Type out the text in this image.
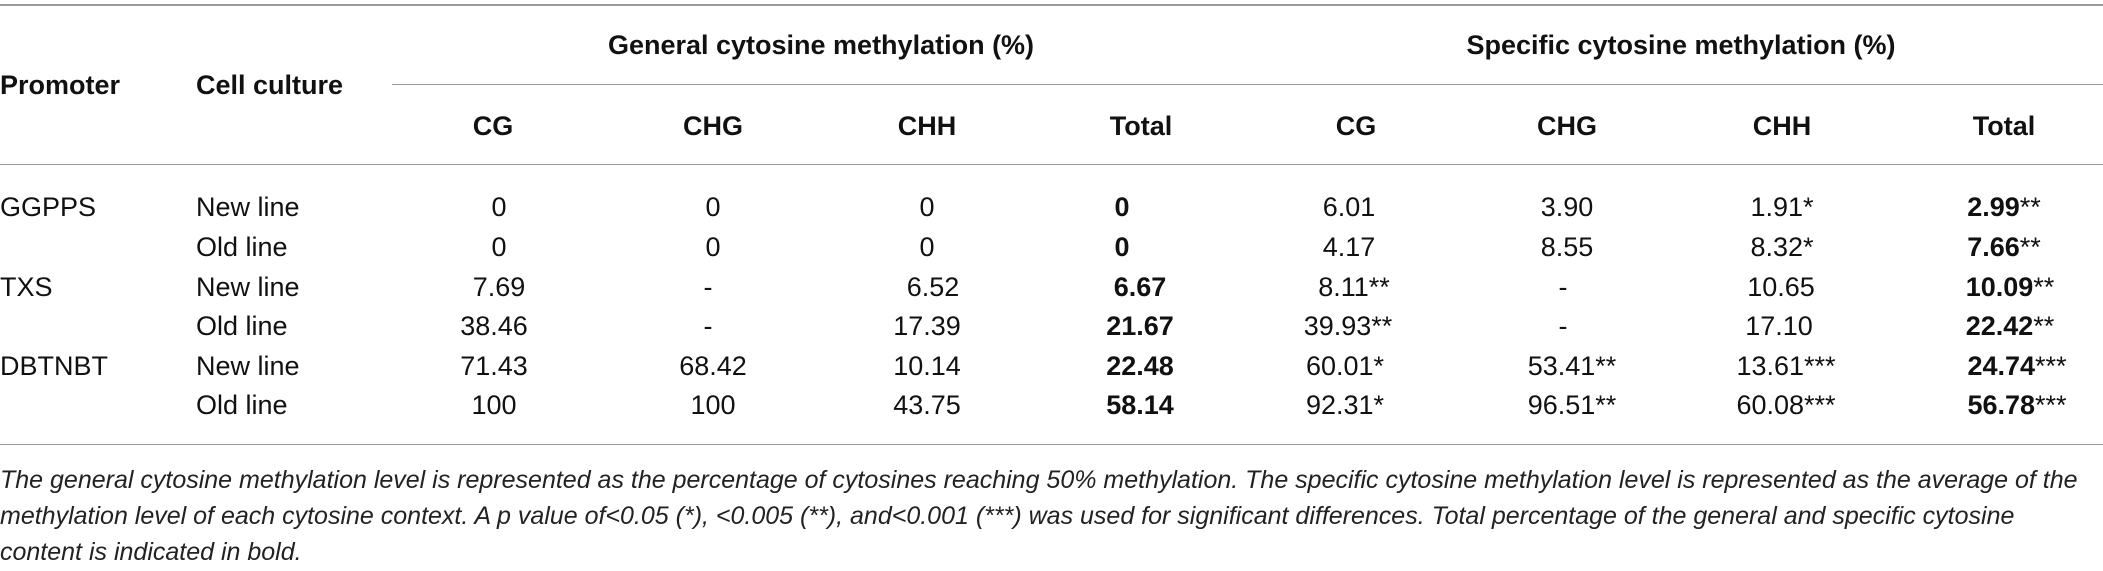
Promoter	Cell culture
General cytosine methylation (%)	Specific cytosine methylation (%)
CG	CHG	CHH	Total	CG	CHG	CHH	Total
GGPPS	New line	0	0	0	0	6.01	3.90	1.91*	2.99**
Old line	0	0	0	0	4.17	8.55	8.32*	7.66**
TXS	New line	7.69	-	6.52	6.67	8.11**	-	10.65	10.09**
Old line	38.46	-	17.39	21.67	39.93**	-	17.10	22.42**
DBTNBT	New line	71.43	68.42	10.14	22.48	60.01*	53.41**	13.61***	24.74***
Old line	100	100	43.75	58.14	92.31*	96.51**	60.08***	56.78***
The general cytosine methylation level is represented as the percentage of cytosines reaching 50% methylation. The specific cytosine methylation level is represented as the average of the methylation level of each cytosine context. A p value of<0.05 (*), <0.005 (**), and<0.001 (***) was used for significant differences. Total percentage of the general and specific cytosine content is indicated in bold.
